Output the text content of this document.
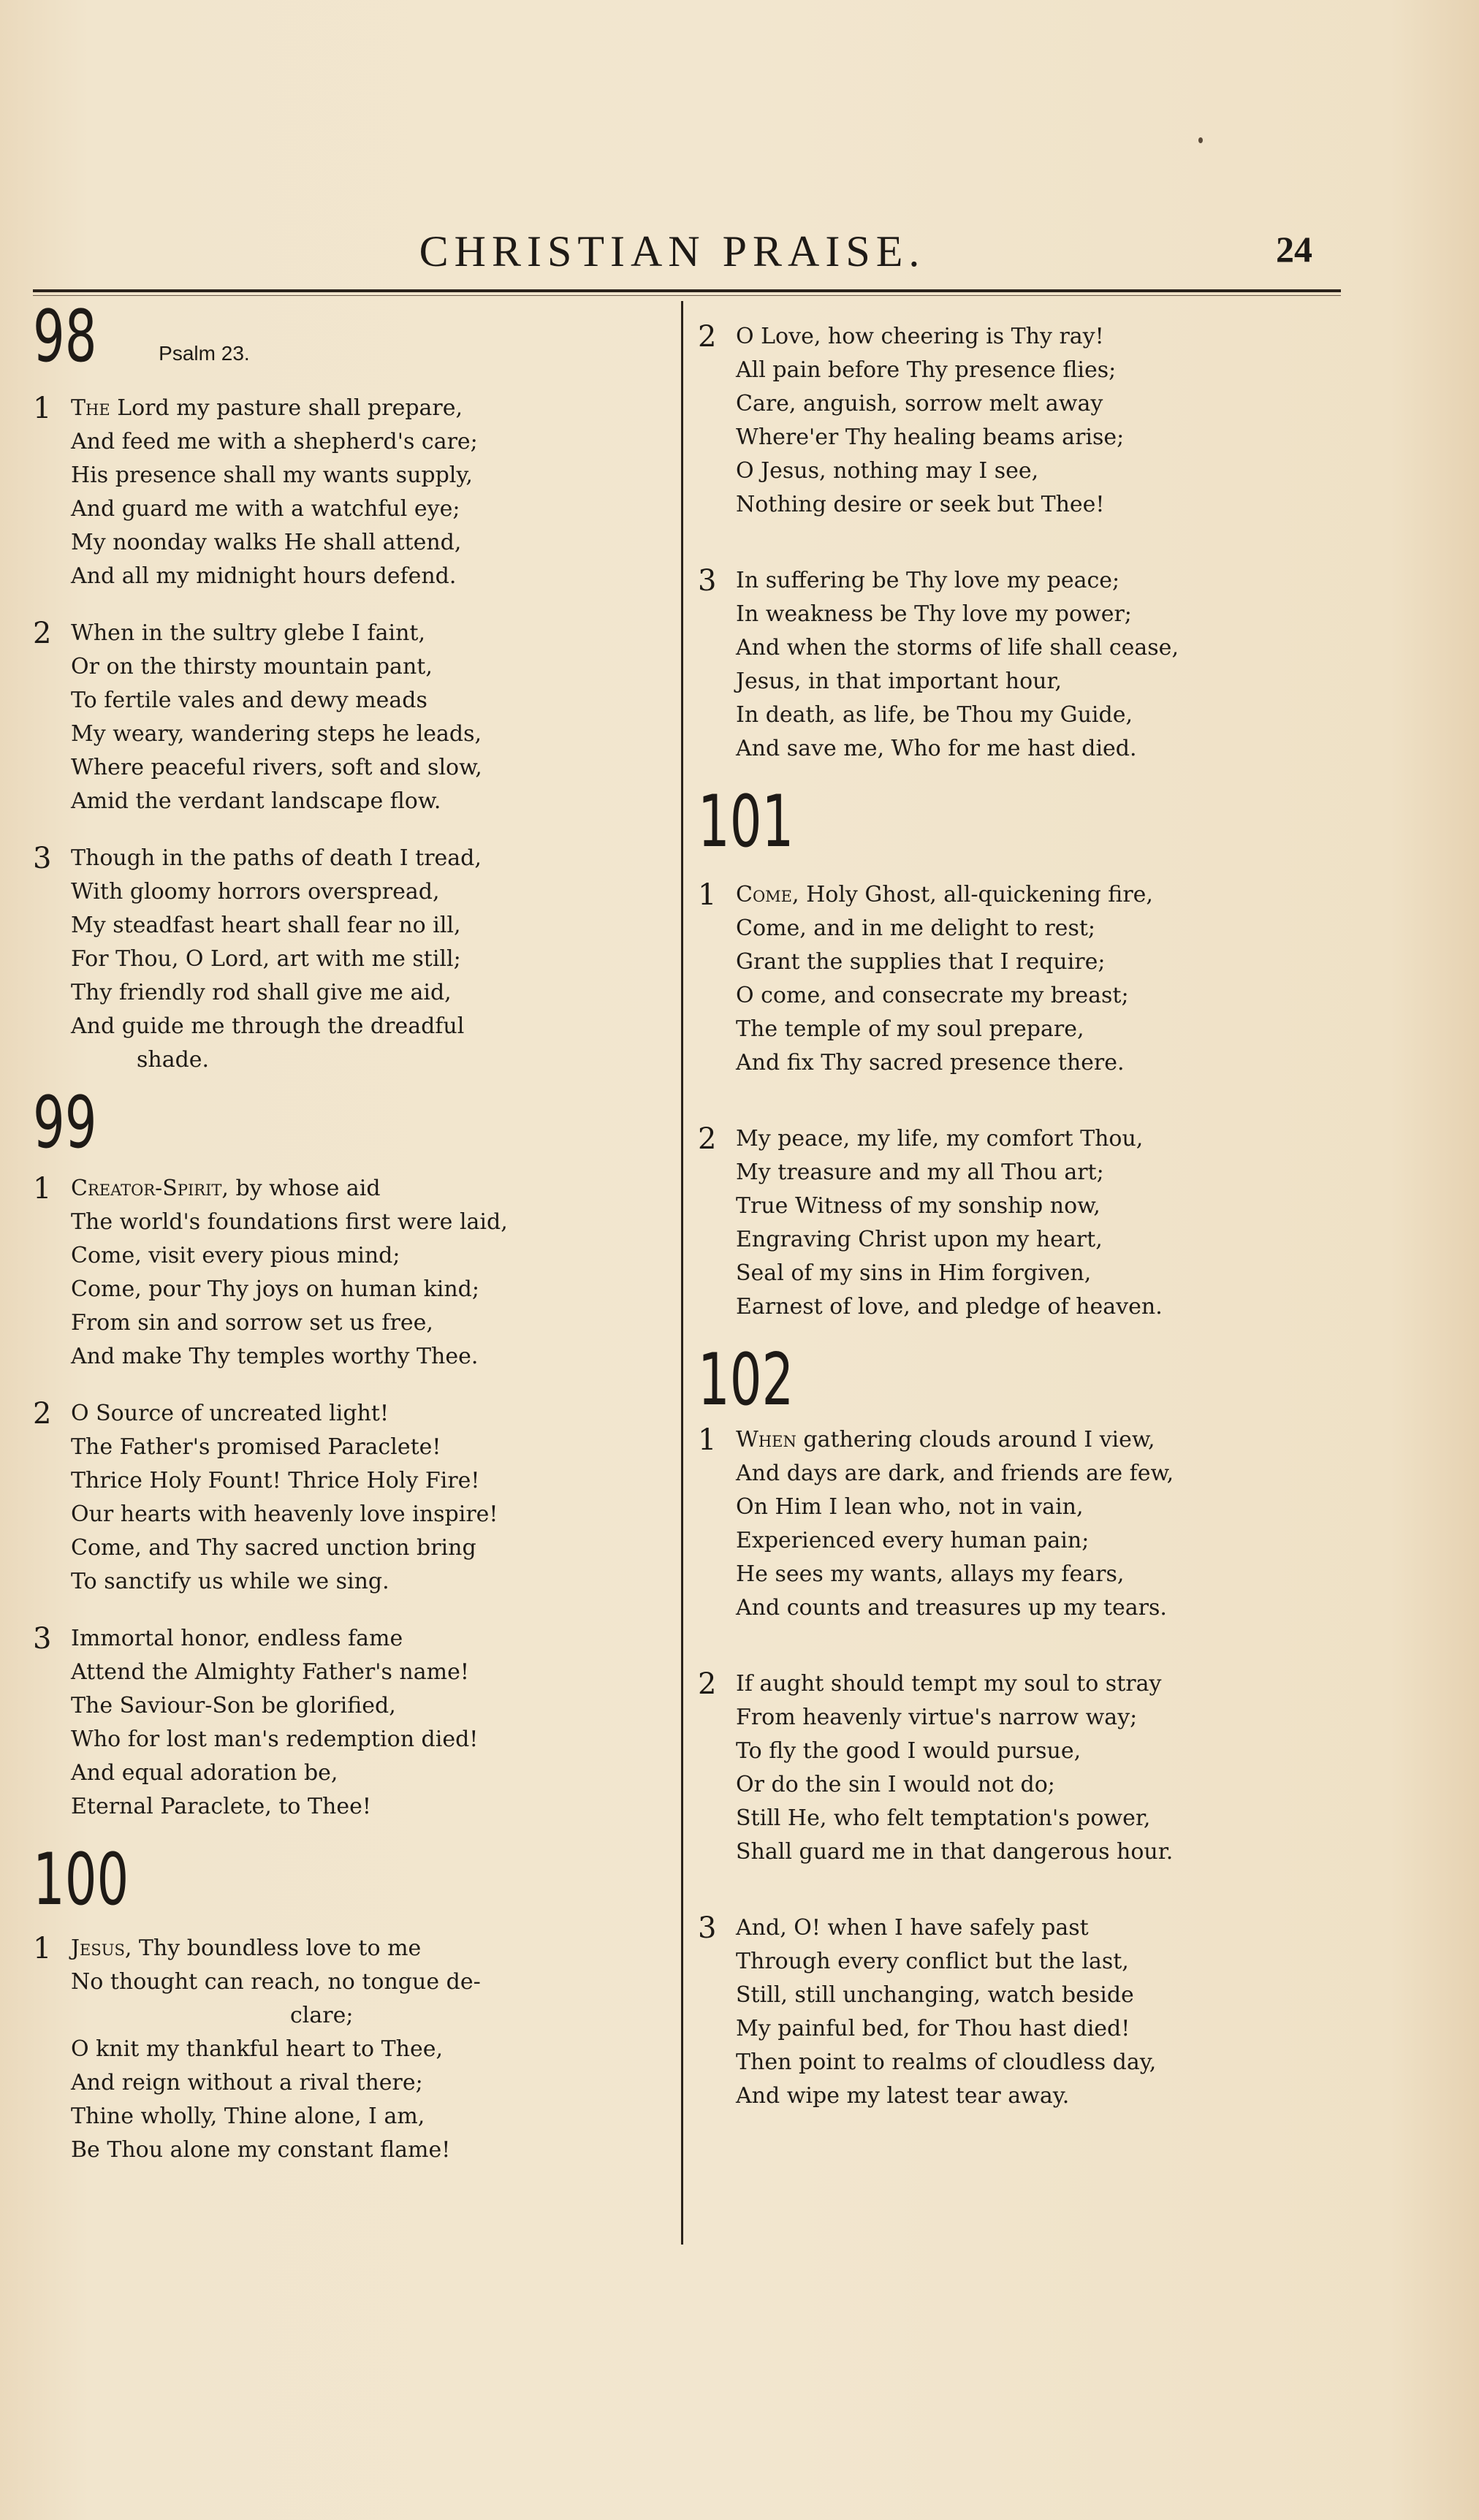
CHRISTIAN PRAISE.	24
98	Psalm 23.
1 The Lord my pasture shall prepare,
And feed me with a shepherd's care;
His presence shall my wants supply,
And guard me with a watchful eye;
My noonday walks He shall attend,
And all my midnight hours defend.
2 When in the sultry glebe I faint,
Or on the thirsty mountain pant,
To fertile vales and dewy meads
My weary, wandering steps he leads,
Where peaceful rivers, soft and slow,
Amid the verdant landscape flow.
3 Though in the paths of death I tread,
With gloomy horrors overspread,
My steadfast heart shall fear no ill,
For Thou, O Lord, art with me still;
Thy friendly rod shall give me aid,
And guide me through the dreadful
shade.
99
1 Creator-Spirit, by whose aid
The world's foundations first were laid,
Come, visit every pious mind;
Come, pour Thy joys on human kind;
From sin and sorrow set us free,
And make Thy temples worthy Thee.
2 O Source of uncreated light!
The Father's promised Paraclete!
Thrice Holy Fount! Thrice Holy Fire!
Our hearts with heavenly love inspire!
Come, and Thy sacred unction bring
To sanctify us while we sing.
3 Immortal honor, endless fame
Attend the Almighty Father's name!
The Saviour-Son be glorified,
Who for lost man's redemption died!
And equal adoration be,
Eternal Paraclete, to Thee!
100
1 Jesus, Thy boundless love to me
No thought can reach, no tongue de-
clare;
O knit my thankful heart to Thee,
And reign without a rival there;
Thine wholly, Thine alone, I am,
Be Thou alone my constant flame!
2 O Love, how cheering is Thy ray!
All pain before Thy presence flies;
Care, anguish, sorrow melt away
Where'er Thy healing beams arise;
O Jesus, nothing may I see,
Nothing desire or seek but Thee!
3 In suffering be Thy love my peace;
In weakness be Thy love my power;
And when the storms of life shall cease,
Jesus, in that important hour,
In death, as life, be Thou my Guide,
And save me, Who for me hast died.
101
1 Come, Holy Ghost, all-quickening fire,
Come, and in me delight to rest;
Grant the supplies that I require;
O come, and consecrate my breast;
The temple of my soul prepare,
And fix Thy sacred presence there.
2 My peace, my life, my comfort Thou,
My treasure and my all Thou art;
True Witness of my sonship now,
Engraving Christ upon my heart,
Seal of my sins in Him forgiven,
Earnest of love, and pledge of heaven.
102
1 When gathering clouds around I view,
And days are dark, and friends are few,
On Him I lean who, not in vain,
Experienced every human pain;
He sees my wants, allays my fears,
And counts and treasures up my tears.
2 If aught should tempt my soul to stray
From heavenly virtue's narrow way;
To fly the good I would pursue,
Or do the sin I would not do;
Still He, who felt temptation's power,
Shall guard me in that dangerous hour.
3 And, O! when I have safely past
Through every conflict but the last,
Still, still unchanging, watch beside
My painful bed, for Thou hast died!
Then point to realms of cloudless day,
And wipe my latest tear away.
